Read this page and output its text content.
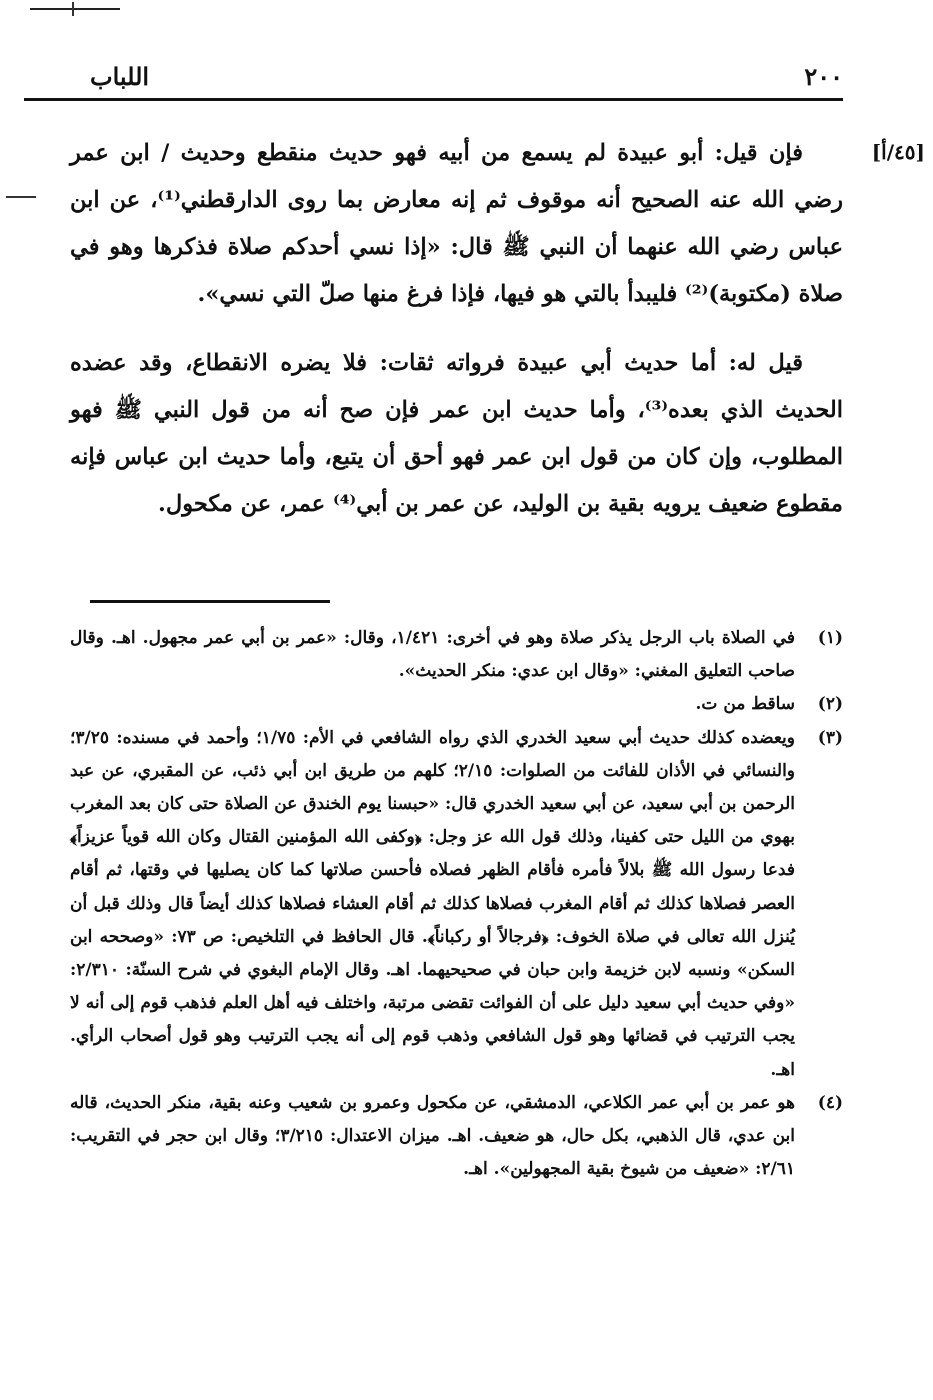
٢٠٠
اللباب
[٤٥/أ]

فإن قيل: أبو عبيدة لم يسمع من أبيه فهو حديث منقطع وحديث / ابن عمر رضي الله عنه الصحيح أنه موقوف ثم إنه معارض بما روى الدارقطني⁽¹⁾، عن ابن عباس رضي الله عنهما أن النبي ﷺ قال: «إذا نسي أحدكم صلاة فذكرها وهو في صلاة (مكتوبة)⁽²⁾ فليبدأ بالتي هو فيها، فإذا فرغ منها صلّ التي نسي».

قيل له: أما حديث أبي عبيدة فرواته ثقات: فلا يضره الانقطاع، وقد عضده الحديث الذي بعده⁽³⁾، وأما حديث ابن عمر فإن صح أنه من قول النبي ﷺ فهو المطلوب، وإن كان من قول ابن عمر فهو أحق أن يتبع، وأما حديث ابن عباس فإنه مقطوع ضعيف يرويه بقية بن الوليد، عن عمر بن أبي⁽⁴⁾ عمر، عن مكحول.

(١)
في الصلاة باب الرجل يذكر صلاة وهو في أخرى: ١/٤٢١، وقال: «عمر بن أبي عمر مجهول. اهـ. وقال صاحب التعليق المغني: «وقال ابن عدي: منكر الحديث».
(٢)
ساقط من ت.
(٣)
ويعضده كذلك حديث أبي سعيد الخدري الذي رواه الشافعي في الأم: ١/٧٥؛ وأحمد في مسنده: ٣/٢٥؛ والنسائي في الأذان للفائت من الصلوات: ٢/١٥؛ كلهم من طريق ابن أبي ذئب، عن المقبري، عن عبد الرحمن بن أبي سعيد، عن أبي سعيد الخدري قال: «حبسنا يوم الخندق عن الصلاة حتى كان بعد المغرب بهوي من الليل حتى كفينا، وذلك قول الله عز وجل: ﴿وكفى الله المؤمنين القتال وكان الله قوياً عزيزاً﴾ فدعا رسول الله ﷺ بلالاً فأمره فأقام الظهر فصلاه فأحسن صلاتها كما كان يصليها في وقتها، ثم أقام العصر فصلاها كذلك ثم أقام المغرب فصلاها كذلك ثم أقام العشاء فصلاها كذلك أيضاً قال وذلك قبل أن يُنزل الله تعالى في صلاة الخوف: ﴿فرجالاً أو ركباناً﴾. قال الحافظ في التلخيص: ص ٧٣: «وصححه ابن السكن» ونسبه لابن خزيمة وابن حبان في صحيحيهما. اهـ. وقال الإمام البغوي في شرح السنّة: ٢/٣١٠: «وفي حديث أبي سعيد دليل على أن الفوائت تقضى مرتبة، واختلف فيه أهل العلم فذهب قوم إلى أنه لا يجب الترتيب في قضائها وهو قول الشافعي وذهب قوم إلى أنه يجب الترتيب وهو قول أصحاب الرأي. اهـ.
(٤)
هو عمر بن أبي عمر الكلاعي، الدمشقي، عن مكحول وعمرو بن شعيب وعنه بقية، منكر الحديث، قاله ابن عدي، قال الذهبي، بكل حال، هو ضعيف. اهـ. ميزان الاعتدال: ٣/٢١٥؛ وقال ابن حجر في التقريب: ٢/٦١: «ضعيف من شيوخ بقية المجهولين». اهـ.
